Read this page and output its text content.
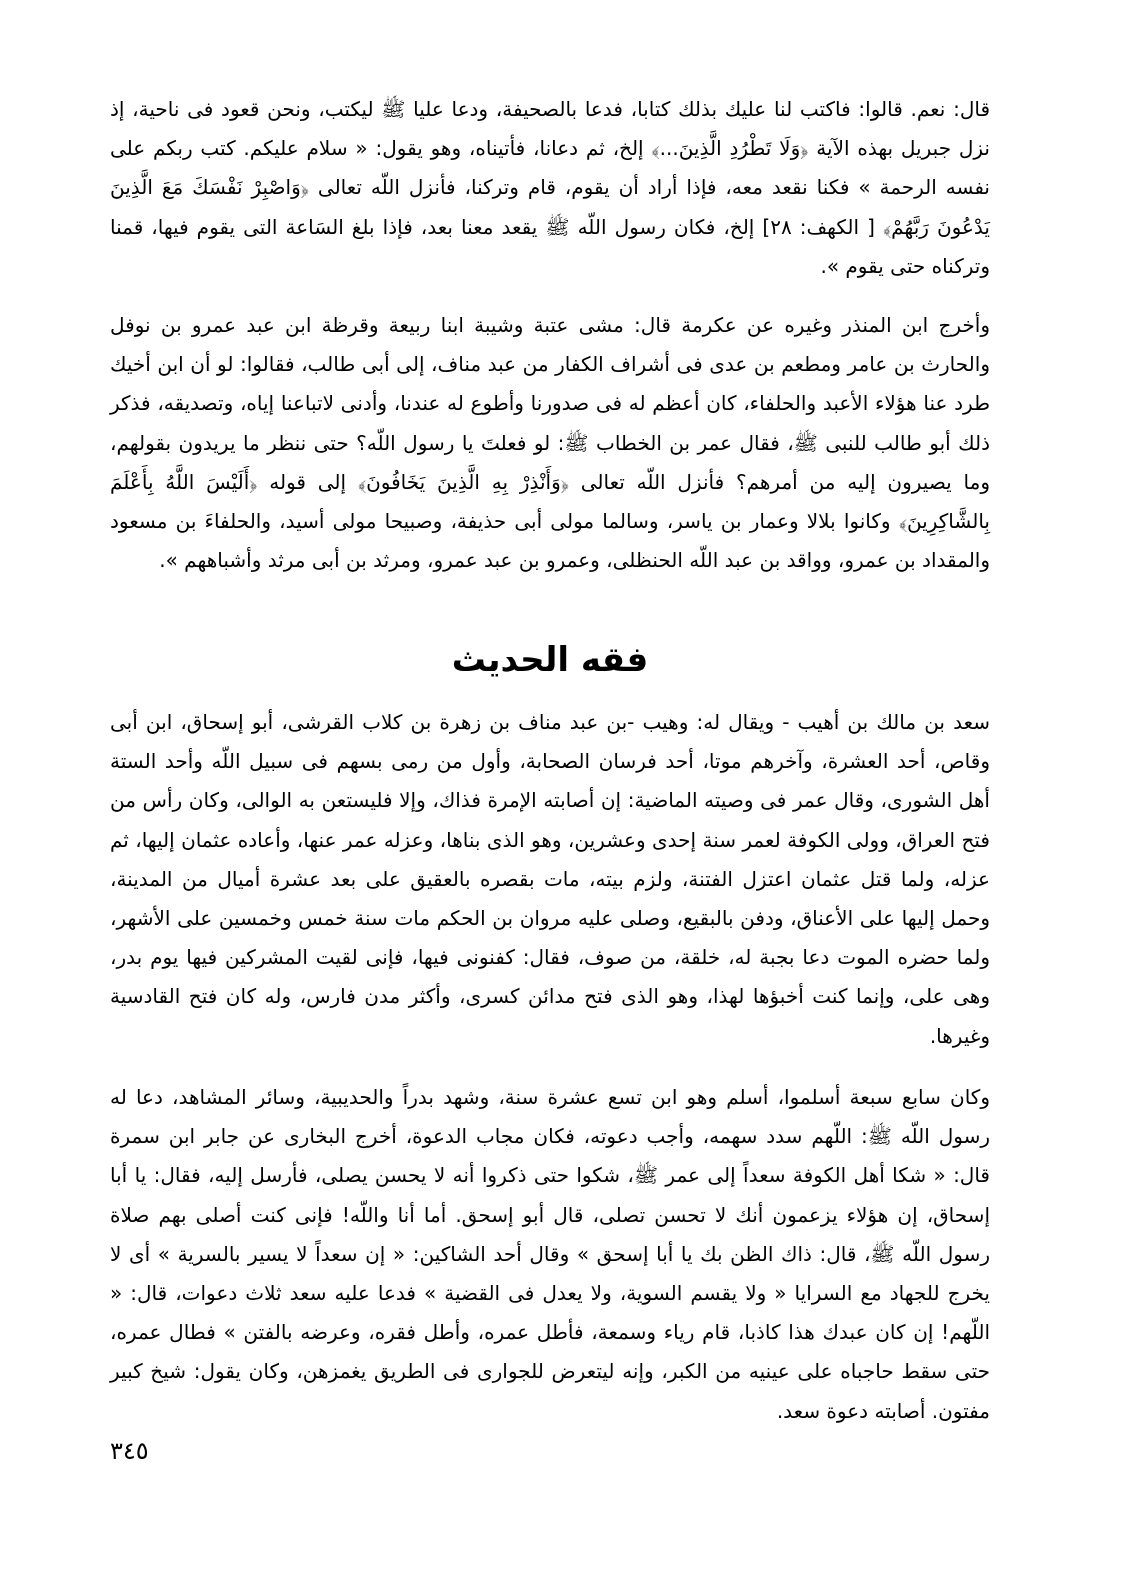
قال: نعم. قالوا: فاكتب لنا عليك بذلك كتابا، فدعا بالصحيفة، ودعا عليا ﷺ ليكتب، ونحن قعود فى ناحية، إذ نزل جبريل بهذه الآية ﴿وَلَا تَطْرُدِ الَّذِينَ...﴾ إلخ، ثم دعانا، فأتيناه، وهو يقول: « سلام عليكم. كتب ربكم على نفسه الرحمة » فكنا نقعد معه، فإذا أراد أن يقوم، قام وتركنا، فأنزل اللّه تعالى ﴿وَاصْبِرْ نَفْسَكَ مَعَ الَّذِينَ يَدْعُونَ رَبَّهُمْ﴾ [ الكهف: ٢٨] إلخ، فكان رسول اللّه ﷺ يقعد معنا بعد، فإذا بلغ السَاعة التى يقوم فيها، قمنا وتركناه حتى يقوم ».

وأخرج ابن المنذر وغيره عن عكرمة قال: مشى عتبة وشيبة ابنا ربيعة وقرظة ابن عبد عمرو بن نوفل والحارث بن عامر ومطعم بن عدى فى أشراف الكفار من عبد مناف، إلى أبى طالب، فقالوا: لو أن ابن أخيك طرد عنا هؤلاء الأعبد والحلفاء، كان أعظم له فى صدورنا وأطوع له عندنا، وأدنى لاتباعنا إياه، وتصديقه، فذكر ذلك أبو طالب للنبى ﷺ، فقال عمر بن الخطاب ﷺ: لو فعلتَ يا رسول اللّه؟ حتى ننظر ما يريدون بقولهم، وما يصيرون إليه من أمرهم؟ فأنزل اللّه تعالى ﴿وَأَنْذِرْ بِهِ الَّذِينَ يَخَافُونَ﴾ إلى قوله ﴿أَلَيْسَ اللَّهُ بِأَعْلَمَ بِالشَّاكِرِينَ﴾ وكانوا بلالا وعمار بن ياسر، وسالما مولى أبى حذيفة، وصبيحا مولى أسيد، والحلفاءَ بن مسعود والمقداد بن عمرو، وواقد بن عبد اللّه الحنظلى، وعمرو بن عبد عمرو، ومرثد بن أبى مرثد وأشباههم ».

فقه الحديث

سعد بن مالك بن أهيب - ويقال له: وهيب -بن عبد مناف بن زهرة بن كلاب القرشى، أبو إسحاق، ابن أبى وقاص، أحد العشرة، وآخرهم موتا، أحد فرسان الصحابة، وأول من رمى بسهم فى سبيل اللّه وأحد الستة أهل الشورى، وقال عمر فى وصيته الماضية: إن أصابته الإمرة فذاك، وإلا فليستعن به الوالى، وكان رأس من فتح العراق، وولى الكوفة لعمر سنة إحدى وعشرين، وهو الذى بناها، وعزله عمر عنها، وأعاده عثمان إليها، ثم عزله، ولما قتل عثمان اعتزل الفتنة، ولزم بيته، مات بقصره بالعقيق على بعد عشرة أميال من المدينة، وحمل إليها على الأعناق، ودفن بالبقيع، وصلى عليه مروان بن الحكم مات سنة خمس وخمسين على الأشهر، ولما حضره الموت دعا بجبة له، خلقة، من صوف، فقال: كفنونى فيها، فإنى لقيت المشركين فيها يوم بدر، وهى على، وإنما كنت أخبؤها لهذا، وهو الذى فتح مدائن كسرى، وأكثر مدن فارس، وله كان فتح القادسية وغيرها.

وكان سابع سبعة أسلموا، أسلم وهو ابن تسع عشرة سنة، وشهد بدراً والحديبية، وسائر المشاهد، دعا له رسول اللّه ﷺ: اللّهم سدد سهمه، وأجب دعوته، فكان مجاب الدعوة، أخرج البخارى عن جابر ابن سمرة قال: « شكا أهل الكوفة سعداً إلى عمر ﷺ، شكوا حتى ذكروا أنه لا يحسن يصلى، فأرسل إليه، فقال: يا أبا إسحاق، إن هؤلاء يزعمون أنك لا تحسن تصلى، قال أبو إسحق. أما أنا واللّه! فإنى كنت أصلى بهم صلاة رسول اللّه ﷺ، قال: ذاك الظن بك يا أبا إسحق » وقال أحد الشاكين: « إن سعداً لا يسير بالسرية » أى لا يخرج للجهاد مع السرايا « ولا يقسم السوية، ولا يعدل فى القضية » فدعا عليه سعد ثلاث دعوات، قال: « اللّهم! إن كان عبدك هذا كاذبا، قام رياء وسمعة، فأطل عمره، وأطل فقره، وعرضه بالفتن » فطال عمره، حتى سقط حاجباه على عينيه من الكبر، وإنه ليتعرض للجوارى فى الطريق يغمزهن، وكان يقول: شيخ كبير مفتون. أصابته دعوة سعد.

٣٤٥
